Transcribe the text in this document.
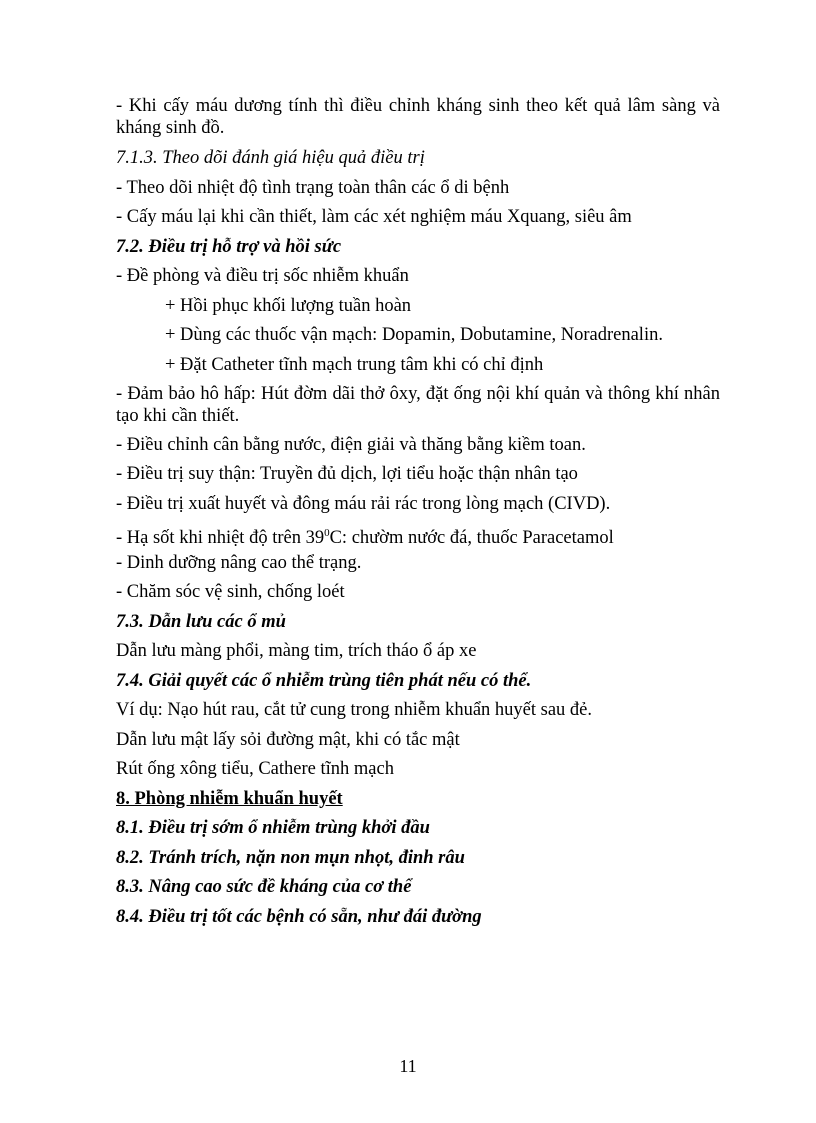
- Khi cấy máu dương tính thì điều chỉnh kháng sinh theo kết quả lâm sàng và kháng sinh đồ.
7.1.3. Theo dõi đánh giá hiệu quả điều trị
- Theo dõi nhiệt độ tình trạng toàn thân các ổ di bệnh
- Cấy máu lại khi cần thiết, làm các xét nghiệm máu Xquang, siêu âm
7.2. Điều trị hỗ trợ và hồi sức
- Đề phòng và điều trị sốc nhiễm khuẩn
+ Hồi phục khối lượng tuần hoàn
+ Dùng các thuốc vận mạch: Dopamin, Dobutamine, Noradrenalin.
+ Đặt Catheter tĩnh mạch trung tâm khi có chỉ định
- Đảm bảo hô hấp: Hút đờm dãi thở ôxy, đặt ống nội khí quản và thông khí nhân tạo khi cần thiết.
- Điều chỉnh cân bằng nước, điện giải và thăng bằng kiềm toan.
- Điều trị suy thận: Truyền đủ dịch, lợi tiểu hoặc thận nhân tạo
- Điều trị xuất huyết và đông máu rải rác trong lòng mạch (CIVD).
- Hạ sốt khi nhiệt độ trên $39^0C$: chườm nước đá, thuốc Paracetamol
- Dinh dưỡng nâng cao thể trạng.
- Chăm sóc vệ sinh, chống loét
7.3. Dẫn lưu các ổ mủ
Dẫn lưu màng phổi, màng tim, trích tháo ổ áp xe
7.4. Giải quyết các ổ nhiễm trùng tiên phát nếu có thể.
Ví dụ: Nạo hút rau, cắt tử cung trong nhiễm khuẩn huyết sau đẻ.
Dẫn lưu mật lấy sỏi đường mật, khi có tắc mật
Rút ống xông tiểu, Cathere tĩnh mạch
8. Phòng nhiễm khuẩn huyết
8.1. Điều trị sớm ổ nhiễm trùng khởi đầu
8.2. Tránh trích, nặn non mụn nhọt, đinh râu
8.3. Nâng cao sức đề kháng của cơ thể
8.4. Điều trị tốt các bệnh có sẵn, như đái đường
11
